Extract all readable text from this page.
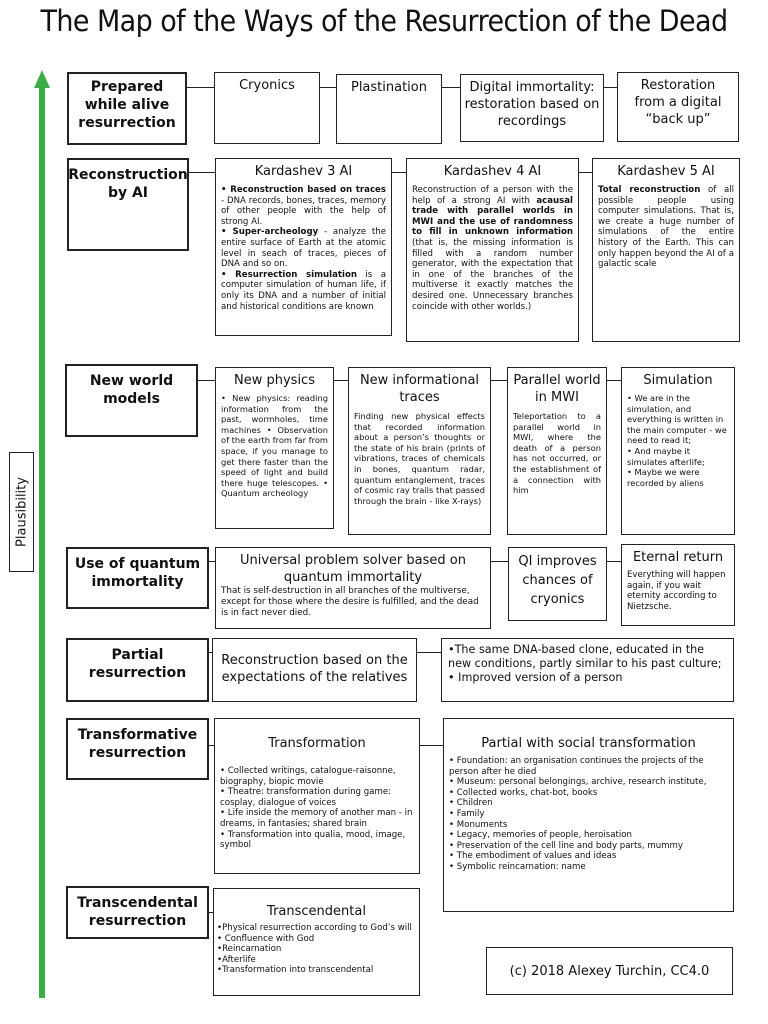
The Map of the Ways of the Resurrection of the Dead
Plausibility
Prepared while alive resurrection
Cryonics	Plastination	Digital immortality: restoration based on recordings
Restoration from a digital “back up”
Reconstruction by AI
Kardashev 3 AI
• Reconstruction based on traces - DNA records, bones, traces, memory of other people with the help of strong AI.
• Super-archeology - analyze the entire surface of Earth at the atomic level in seach of traces, pieces of DNA and so on.
• Resurrection simulation is a computer simulation of human life, if only its DNA and a number of initial and historical conditions are known
Kardashev 4 AI
Reconstruction of a person with the help of a strong AI with acausal trade with parallel worlds in MWI and the use of randomness to fill in unknown information (that is, the missing information is filled with a random number generator, with the expectation that in one of the branches of the multiverse it exactly matches the desired one. Unnecessary branches coincide with other worlds.)
Kardashev 5 AI
Total reconstruction of all possible people using computer simulations. That is, we create a huge number of simulations of the entire history of the Earth. This can only happen beyond the AI of a galactic scale
New world models
New physics
• New physics: reading information from the past, wormholes, time machines • Observation of the earth from far from space, if you manage to get there faster than the speed of light and build there huge telescopes. • Quantum archeology
New informational traces
Finding new physical effects that recorded information about a person’s thoughts or the state of his brain (prints of vibrations, traces of chemicals in bones, quantum radar, quantum entanglement, traces of cosmic ray trails that passed through the brain - like X-rays)
Parallel world in MWI
Teleportation to a parallel world in MWI, where the death of a person has not occurred, or the establishment of a connection with him
Simulation
• We are in the simulation, and everything is written in the main computer - we need to read it;
• And maybe it simulates afterlife;
• Maybe we were recorded by aliens
Use of quantum immortality
Universal problem solver based on quantum immortality
That is self-destruction in all branches of the multiverse, except for those where the desire is fulfilled, and the dead is in fact never died.
QI improves chances of cryonics
Eternal return
Everything will happen again, if you wait eternity according to Nietzsche.
Partial resurrection
Reconstruction based on the expectations of the relatives
•The same DNA-based clone, educated in the new conditions, partly similar to his past culture; • Improved version of a person
Transformative resurrection
Transformation
• Collected writings, catalogue-raisonne, biography, biopic movie
• Theatre: transformation during game: cosplay, dialogue of voices
• Life inside the memory of another man - in dreams, in fantasies; shared brain
• Transformation into qualia, mood, image, symbol
Partial with social transformation
• Foundation: an organisation continues the projects of the person after he died
• Museum: personal belongings, archive, research institute,
• Collected works, chat-bot, books
• Children
• Family
• Monuments
• Legacy, memories of people, heroisation
• Preservation of the cell line and body parts, mummy
• The embodiment of values and ideas
• Symbolic reincarnation: name
Transcendental resurrection
Transcendental
•Physical resurrection according to God’s will
• Confluence with God
•Reincarnation
•Afterlife
•Transformation into transcendental	(c) 2018 Alexey Turchin, CC4.0
